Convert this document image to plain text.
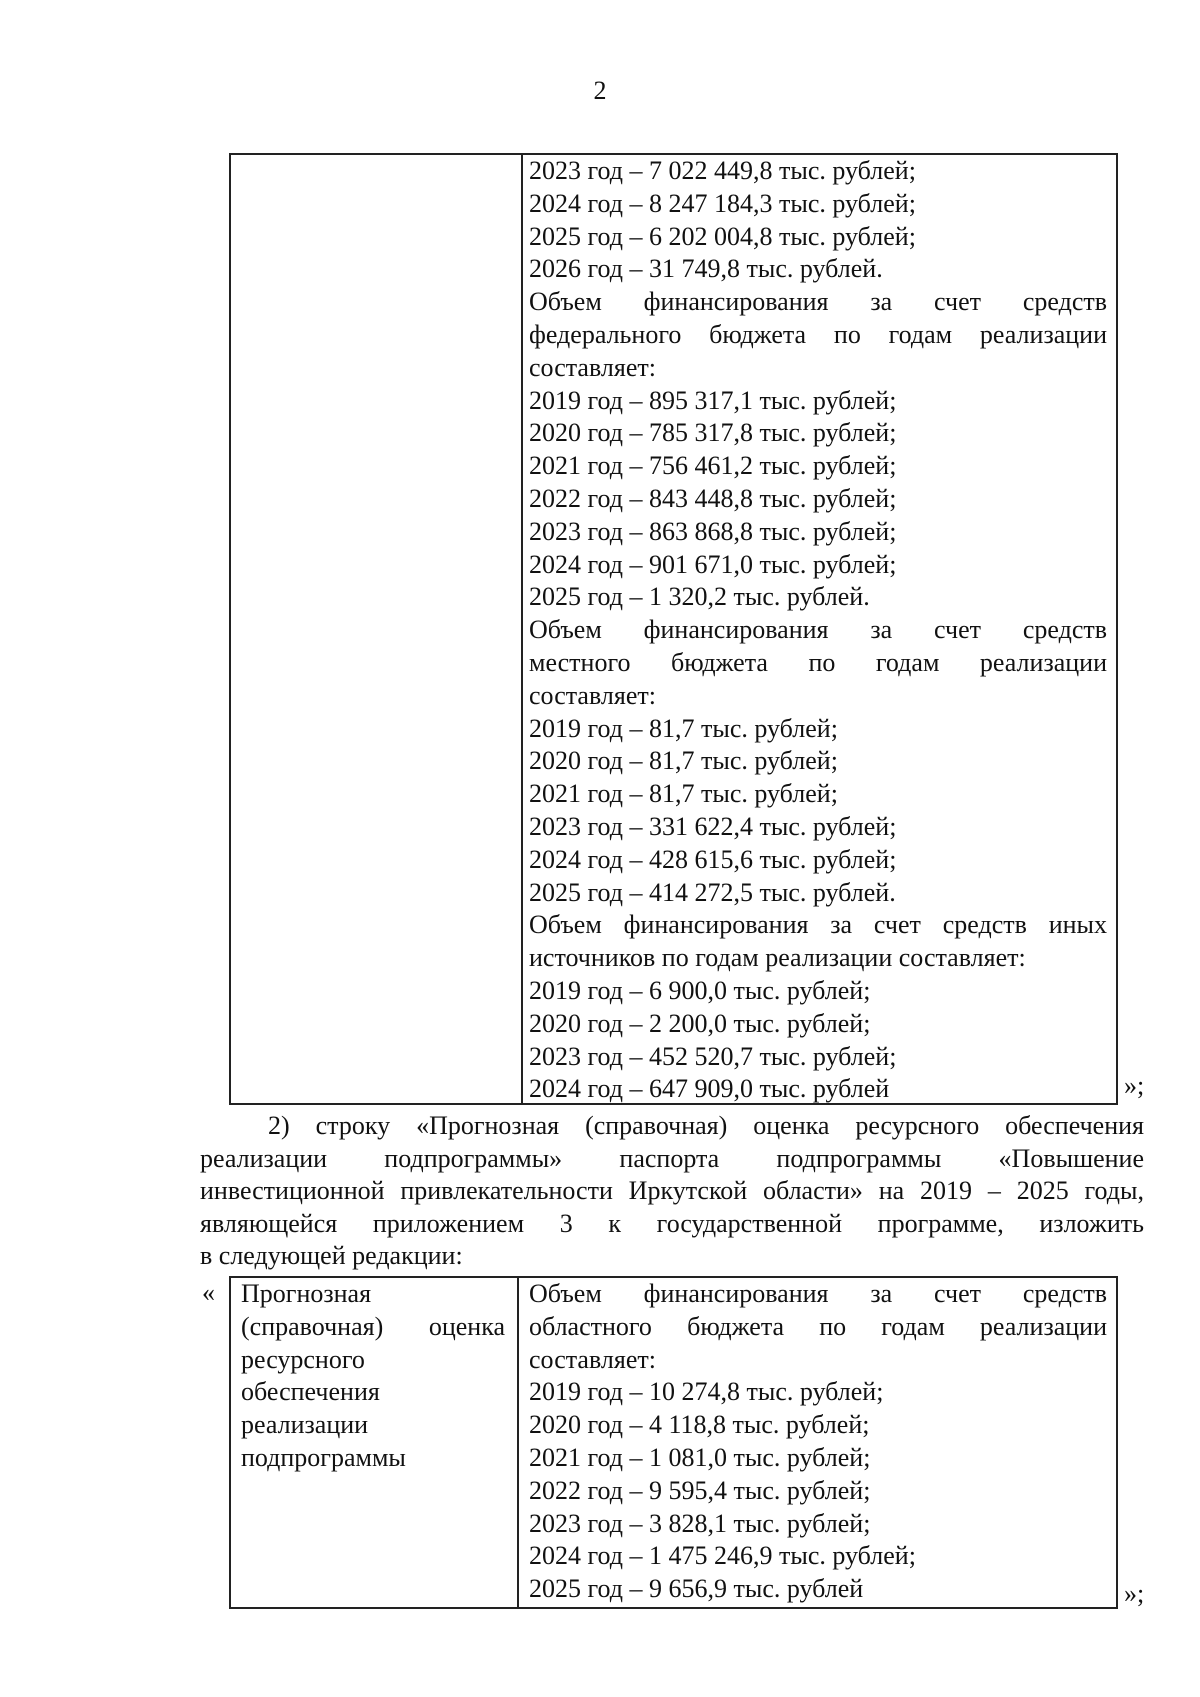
2
2023 год – 7 022 449,8 тыс. рублей;
2024 год – 8 247 184,3 тыс. рублей;
2025 год – 6 202 004,8 тыс. рублей;
2026 год – 31 749,8 тыс. рублей.
Объем финансирования за счет средств
федерального бюджета по годам реализации
составляет:
2019 год – 895 317,1 тыс. рублей;
2020 год – 785 317,8 тыс. рублей;
2021 год – 756 461,2 тыс. рублей;
2022 год – 843 448,8 тыс. рублей;
2023 год – 863 868,8 тыс. рублей;
2024 год – 901 671,0 тыс. рублей;
2025 год – 1 320,2 тыс. рублей.
Объем финансирования за счет средств
местного бюджета по годам реализации
составляет:
2019 год – 81,7 тыс. рублей;
2020 год – 81,7 тыс. рублей;
2021 год – 81,7 тыс. рублей;
2023 год – 331 622,4 тыс. рублей;
2024 год – 428 615,6 тыс. рублей;
2025 год – 414 272,5 тыс. рублей.
Объем финансирования за счет средств иных
источников по годам реализации составляет:
2019 год – 6 900,0 тыс. рублей;
2020 год – 2 200,0 тыс. рублей;
2023 год – 452 520,7 тыс. рублей;
2024 год – 647 909,0 тыс. рублей	»;
2) строку «Прогнозная (справочная) оценка ресурсного обеспечения
реализации подпрограммы» паспорта подпрограммы «Повышение
инвестиционной привлекательности Иркутской области» на 2019 – 2025 годы,
являющейся приложением 3 к государственной программе, изложить
в следующей редакции:
« Прогнозная
(справочная) оценка
ресурсного
обеспечения
реализации
подпрограммы
Объем финансирования за счет средств
областного бюджета по годам реализации
составляет:
2019 год – 10 274,8 тыс. рублей;
2020 год – 4 118,8 тыс. рублей;
2021 год – 1 081,0 тыс. рублей;
2022 год – 9 595,4 тыс. рублей;
2023 год – 3 828,1 тыс. рублей;
2024 год – 1 475 246,9 тыс. рублей;
2025 год – 9 656,9 тыс. рублей	»;
